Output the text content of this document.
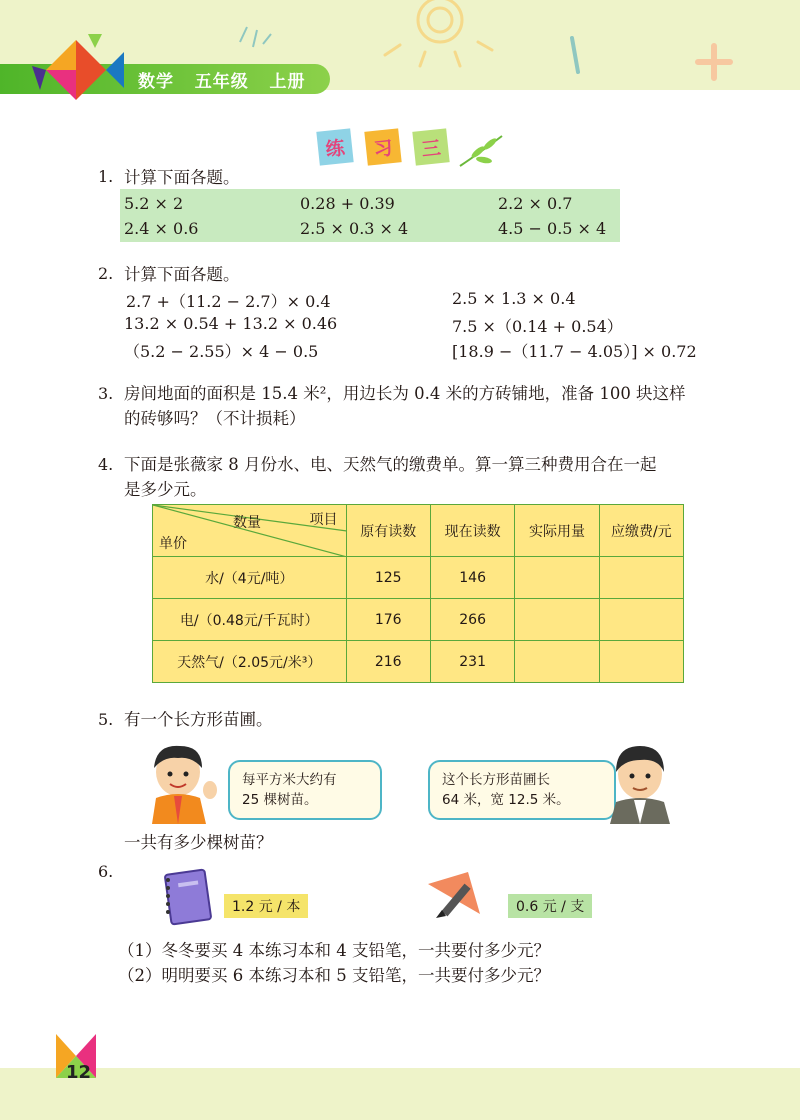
数学 五年级 上册
练	习	三
1. 计算下面各题。
5.2 × 2	0.28 + 0.39	2.2 × 0.7
2.4 × 0.6	2.5 × 0.3 × 4	4.5 − 0.5 × 4
2. 计算下面各题。
2.7 +（11.2 − 2.7）× 0.4	2.5 × 1.3 × 0.4
13.2 × 0.54 + 13.2 × 0.46	7.5 ×（0.14 + 0.54）
（5.2 − 2.55）× 4 − 0.5	[18.9 −（11.7 − 4.05）] × 0.72
3. 房间地面的面积是 15.4 米²，用边长为 0.4 米的方砖铺地，准备 100 块这样
的砖够吗？（不计损耗）
4. 下面是张薇家 8 月份水、电、天然气的缴费单。算一算三种费用合在一起
是多少元。
项目
数量
单价	原有读数	现在读数	实际用量	应缴费/元
水/（4元/吨）	125	146		
电/（0.48元/千瓦时）	176	266		
天然气/（2.05元/米³）	216	231		
5. 有一个长方形苗圃。
每平方米大约有
25 棵树苗。
这个长方形苗圃长
64 米，宽 12.5 米。
一共有多少棵树苗？
6.
1.2 元 / 本	0.6 元 / 支
（1）冬冬要买 4 本练习本和 4 支铅笔，一共要付多少元？
（2）明明要买 6 本练习本和 5 支铅笔，一共要付多少元？
12
